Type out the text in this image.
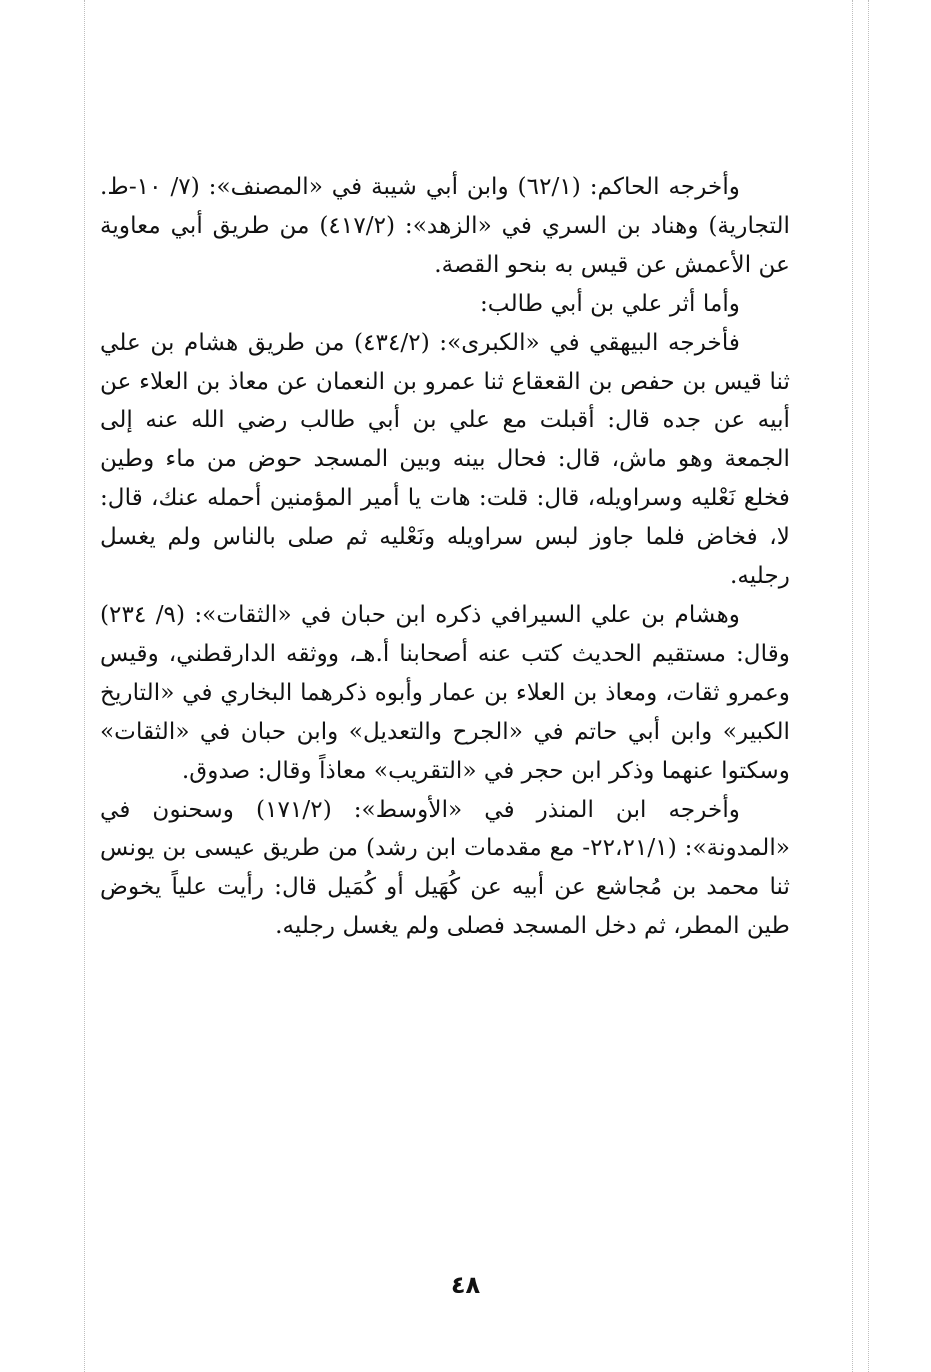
وأخرجه الحاكم: (٦٢/١) وابن أبي شيبة في «المصنف»: (٧/ ١٠-ط. التجارية) وهناد بن السري في «الزهد»: (٤١٧/٢) من طريق أبي معاوية عن الأعمش عن قيس به بنحو القصة.

وأما أثر علي بن أبي طالب:

فأخرجه البيهقي في «الكبرى»: (٤٣٤/٢) من طريق هشام بن علي ثنا قيس بن حفص بن القعقاع ثنا عمرو بن النعمان عن معاذ بن العلاء عن أبيه عن جده قال: أقبلت مع علي بن أبي طالب رضي الله عنه إلى الجمعة وهو ماش، قال: فحال بينه وبين المسجد حوض من ماء وطين فخلع نَعْليه وسراويله، قال: قلت: هات يا أمير المؤمنين أحمله عنك، قال: لا، فخاض فلما جاوز لبس سراويله ونَعْليه ثم صلى بالناس ولم يغسل رجليه.

وهشام بن علي السيرافي ذكره ابن حبان في «الثقات»: (٩/ ٢٣٤) وقال: مستقيم الحديث كتب عنه أصحابنا أ.هـ، ووثقه الدارقطني، وقيس وعمرو ثقات، ومعاذ بن العلاء بن عمار وأبوه ذكرهما البخاري في «التاريخ الكبير» وابن أبي حاتم في «الجرح والتعديل» وابن حبان في «الثقات» وسكتوا عنهما وذكر ابن حجر في «التقريب» معاذاً وقال: صدوق.

وأخرجه ابن المنذر في «الأوسط»: (١٧١/٢) وسحنون في «المدونة»: (٢٢،٢١/١- مع مقدمات ابن رشد) من طريق عيسى بن يونس ثنا محمد بن مُجاشع عن أبيه عن كُهَيل أو كُمَيل قال: رأيت علياً يخوض طين المطر، ثم دخل المسجد فصلى ولم يغسل رجليه.

٤٨
